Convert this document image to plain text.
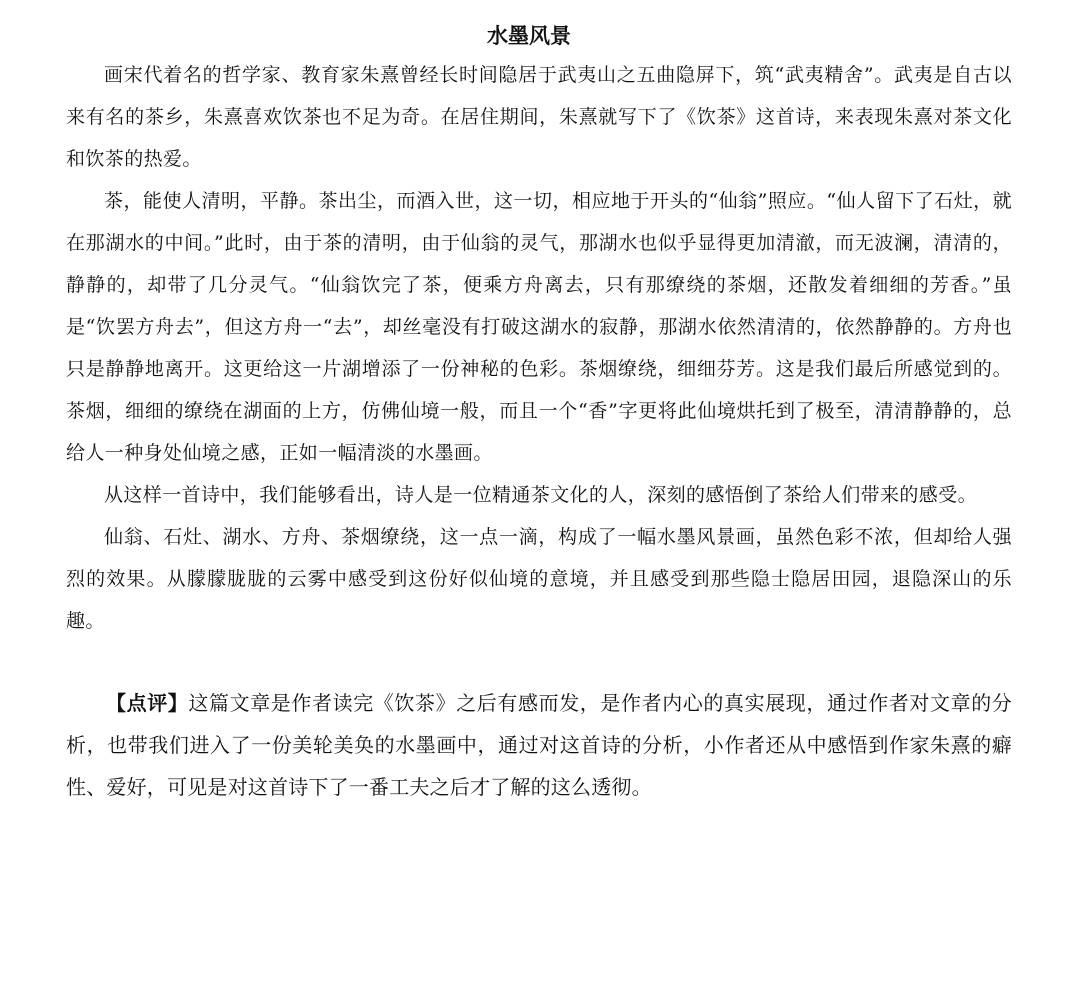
水墨风景

画宋代着名的哲学家、教育家朱熹曾经长时间隐居于武夷山之五曲隐屏下，筑“武夷精舍”。武夷是自古以来有名的茶乡，朱熹喜欢饮茶也不足为奇。在居住期间，朱熹就写下了《饮茶》这首诗，来表现朱熹对茶文化和饮茶的热爱。

茶，能使人清明，平静。茶出尘，而酒入世，这一切，相应地于开头的“仙翁”照应。“仙人留下了石灶，就在那湖水的中间。”此时，由于茶的清明，由于仙翁的灵气，那湖水也似乎显得更加清澈，而无波澜，清清的，静静的，却带了几分灵气。“仙翁饮完了茶，便乘方舟离去，只有那缭绕的茶烟，还散发着细细的芳香。”虽是“饮罢方舟去”，但这方舟一“去”，却丝毫没有打破这湖水的寂静，那湖水依然清清的，依然静静的。方舟也只是静静地离开。这更给这一片湖增添了一份神秘的色彩。茶烟缭绕，细细芬芳。这是我们最后所感觉到的。茶烟，细细的缭绕在湖面的上方，仿佛仙境一般，而且一个“香”字更将此仙境烘托到了极至，清清静静的，总给人一种身处仙境之感，正如一幅清淡的水墨画。

从这样一首诗中，我们能够看出，诗人是一位精通茶文化的人，深刻的感悟倒了茶给人们带来的感受。

仙翁、石灶、湖水、方舟、茶烟缭绕，这一点一滴，构成了一幅水墨风景画，虽然色彩不浓，但却给人强烈的效果。从朦朦胧胧的云雾中感受到这份好似仙境的意境，并且感受到那些隐士隐居田园，退隐深山的乐趣。

【点评】这篇文章是作者读完《饮茶》之后有感而发，是作者内心的真实展现，通过作者对文章的分析，也带我们进入了一份美轮美奂的水墨画中，通过对这首诗的分析，小作者还从中感悟到作家朱熹的癖性、爱好，可见是对这首诗下了一番工夫之后才了解的这么透彻。
